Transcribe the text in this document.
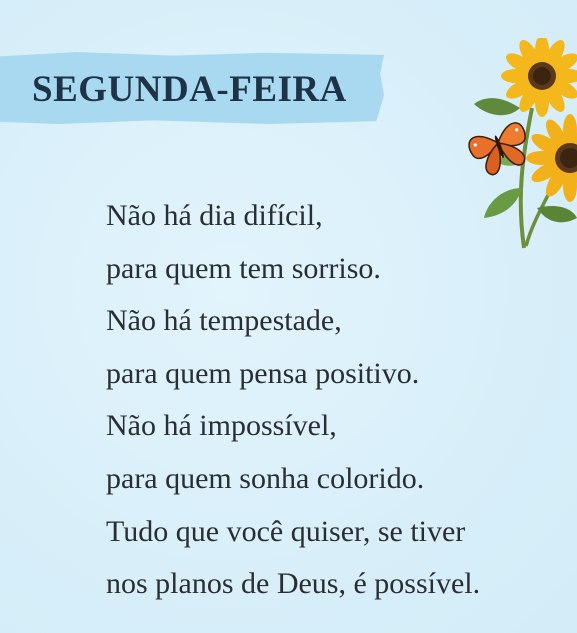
SEGUNDA-FEIRA
Não há dia difícil,
para quem tem sorriso.
Não há tempestade,
para quem pensa positivo.
Não há impossível,
para quem sonha colorido.
Tudo que você quiser, se tiver
nos planos de Deus, é possível.
